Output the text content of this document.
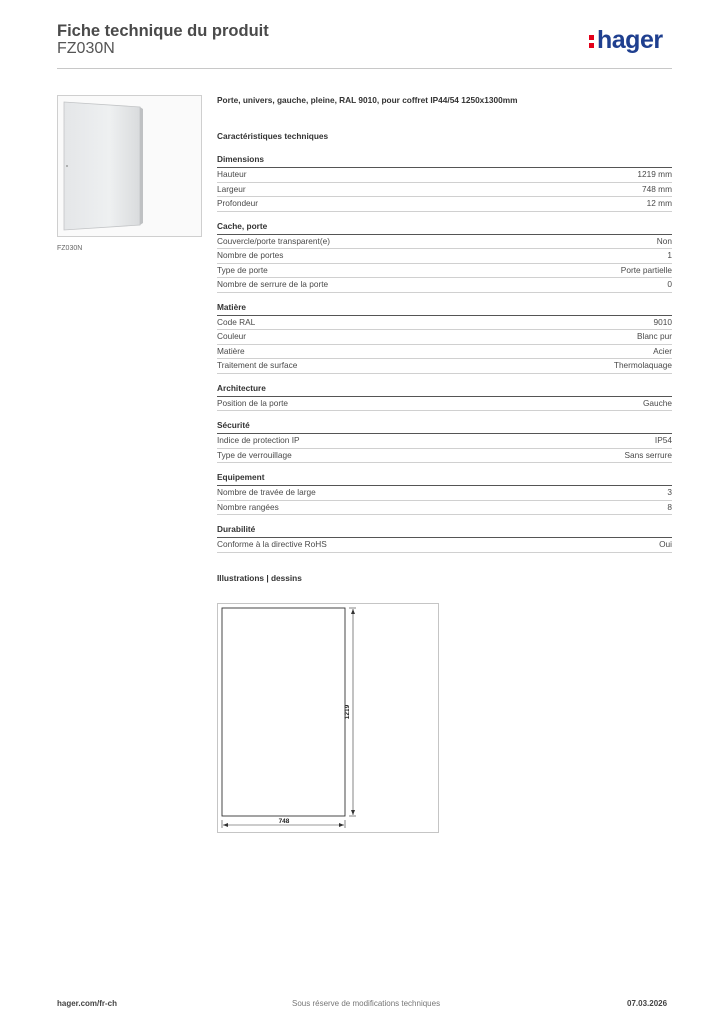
Fiche technique du produit
FZ030N	hager
FZ030N
Porte, univers, gauche, pleine, RAL 9010, pour coffret IP44/54 1250x1300mm
Caractéristiques techniques
Dimensions
Hauteur	1219 mm
Largeur	748 mm
Profondeur	12 mm
Cache, porte
Couvercle/porte transparent(e)	Non
Nombre de portes	1
Type de porte	Porte partielle
Nombre de serrure de la porte	0
Matière
Code RAL	9010
Couleur	Blanc pur
Matière	Acier
Traitement de surface	Thermolaquage
Architecture
Position de la porte	Gauche
Sécurité
Indice de protection IP	IP54
Type de verrouillage	Sans serrure
Equipement
Nombre de travée de large	3
Nombre rangées	8
Durabilité
Conforme à la directive RoHS	Oui
Illustrations | dessins
1219
748
hager.com/fr-ch	Sous réserve de modifications techniques	07.03.2026
